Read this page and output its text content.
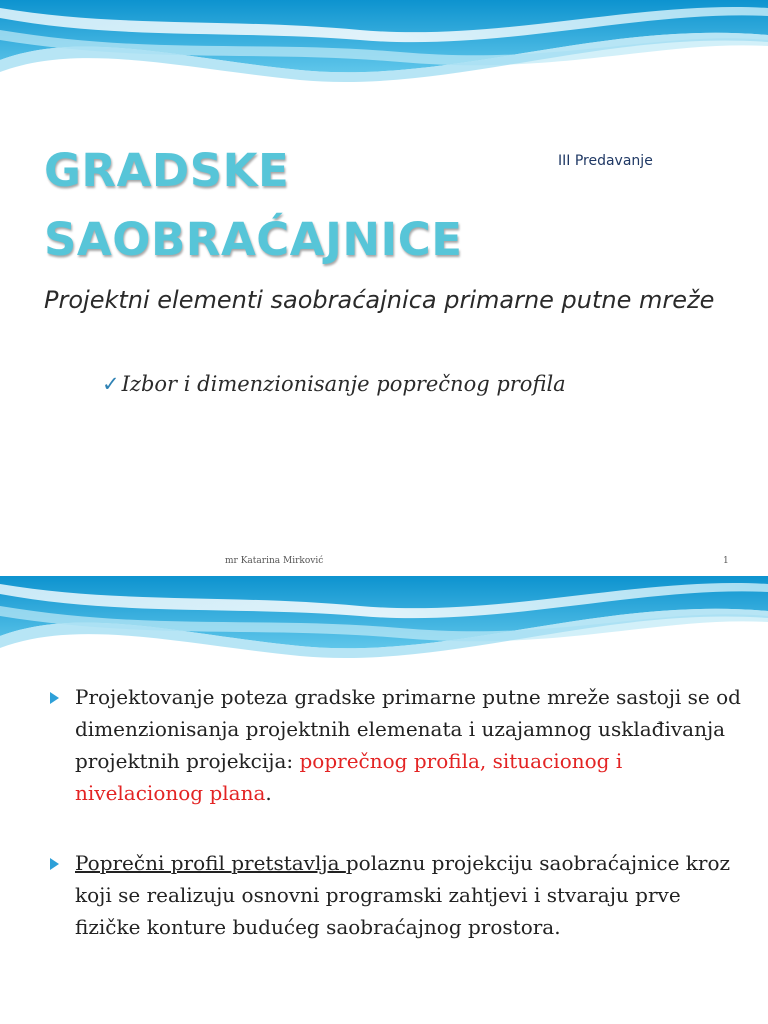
GRADSKE
SAOBRAĆAJNICE
III Predavanje
Projektni elementi saobraćajnica primarne putne mreže
✓Izbor i dimenzionisanje poprečnog profila
mr Katarina Mirković	1
Projektovanje poteza gradske primarne putne mreže sastoji se od dimenzionisanja projektnih elemenata i uzajamnog usklađivanja projektnih projekcija: poprečnog profila, situacionog i nivelacionog plana.
Poprečni profil pretstavlja polaznu projekciju saobraćajnice kroz koji se realizuju osnovni programski zahtjevi i stvaraju prve fizičke konture budućeg saobraćajnog prostora.
